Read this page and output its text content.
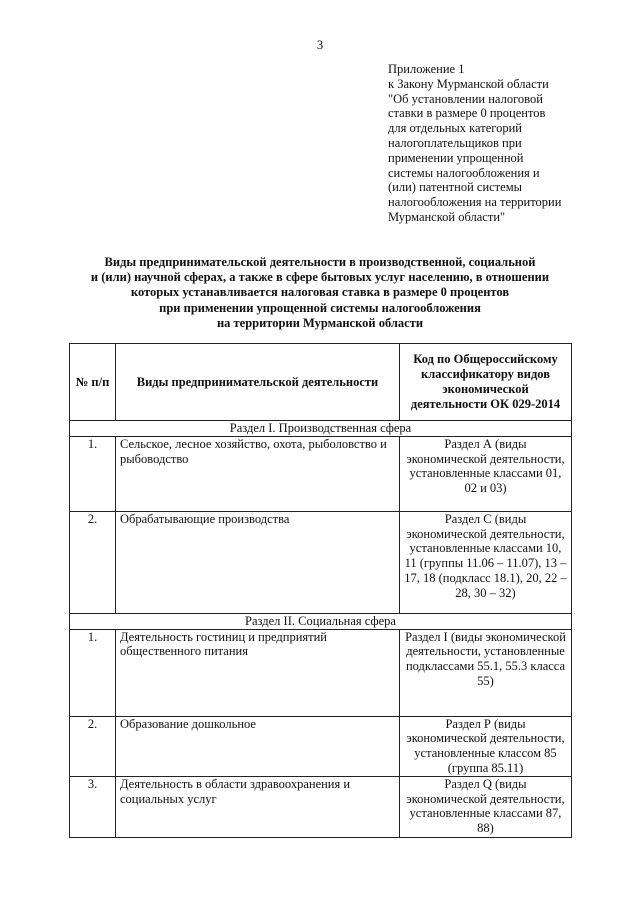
3
Приложение 1
к Закону Мурманской области
"Об установлении налоговой
ставки в размере 0 процентов
для отдельных категорий
налогоплательщиков при
применении упрощенной
системы налогообложения и
(или) патентной системы
налогообложения на территории
Мурманской области"
Виды предпринимательской деятельности в производственной, социальной
и (или) научной сферах, а также в сфере бытовых услуг населению, в отношении
которых устанавливается налоговая ставка в размере 0 процентов
при применении упрощенной системы налогообложения
на территории Мурманской области
№ п/п	Виды предпринимательской деятельности	Код по Общероссийскому классификатору видов экономической деятельности ОК 029-2014
Раздел I. Производственная сфера		
1.	Сельское, лесное хозяйство, охота, рыболовство и рыбоводство	Раздел А (виды экономической деятельности, установленные классами 01, 02 и 03)
2.	Обрабатывающие производства	Раздел С (виды экономической деятельности, установленные классами 10, 11 (группы 11.06 – 11.07), 13 – 17, 18 (подкласс 18.1), 20, 22 – 28, 30 – 32)
Раздел II. Социальная сфера		
1.	Деятельность гостиниц и предприятий общественного питания	Раздел I (виды экономической деятельности, установленные подклассами 55.1, 55.3 класса 55)
2.	Образование дошкольное	Раздел Р (виды экономической деятельности, установленные классом 85 (группа 85.11)
3.	Деятельность в области здравоохранения и социальных услуг	Раздел Q (виды экономической деятельности, установленные классами 87, 88)
